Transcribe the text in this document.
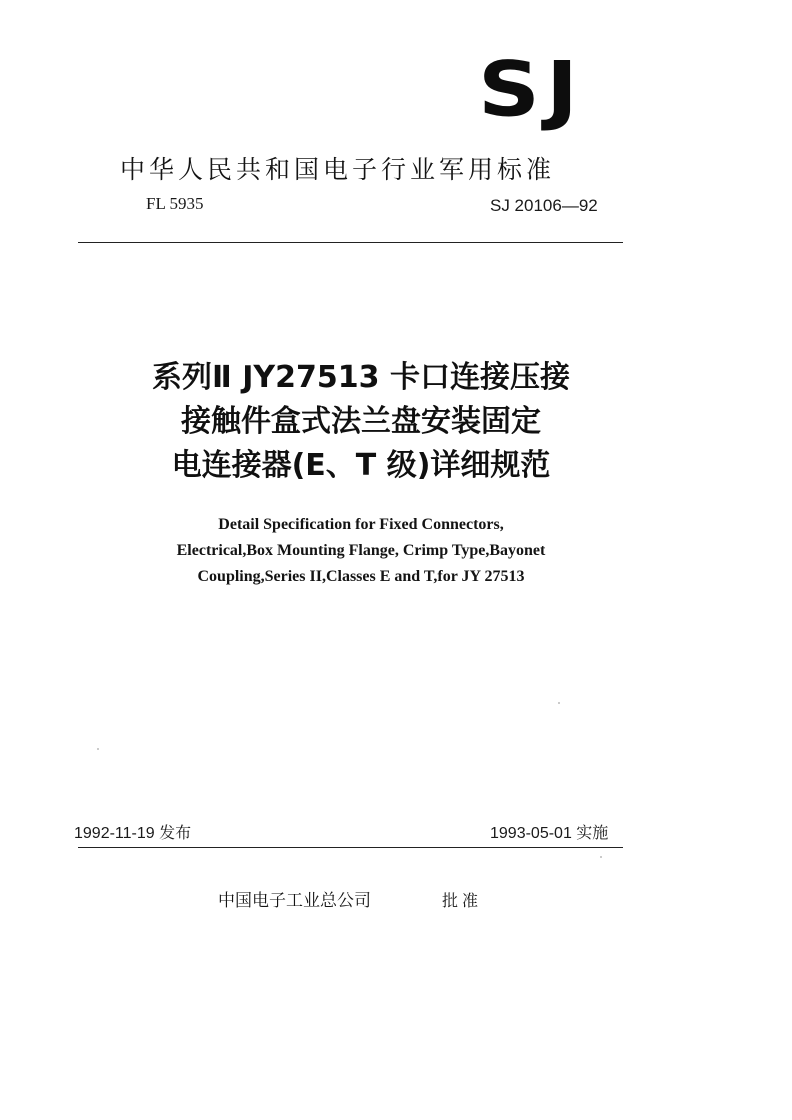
SJ
中华人民共和国电子行业军用标准
FL 5935	SJ 20106—92
系列Ⅱ JY27513 卡口连接压接
接触件盒式法兰盘安装固定
电连接器(E、T 级)详细规范
Detail Specification for Fixed Connectors,
Electrical,Box Mounting Flange, Crimp Type,Bayonet
Coupling,Series II,Classes E and T,for JY 27513
1992-11-19 发布	1993-05-01 实施
中国电子工业总公司	批准
